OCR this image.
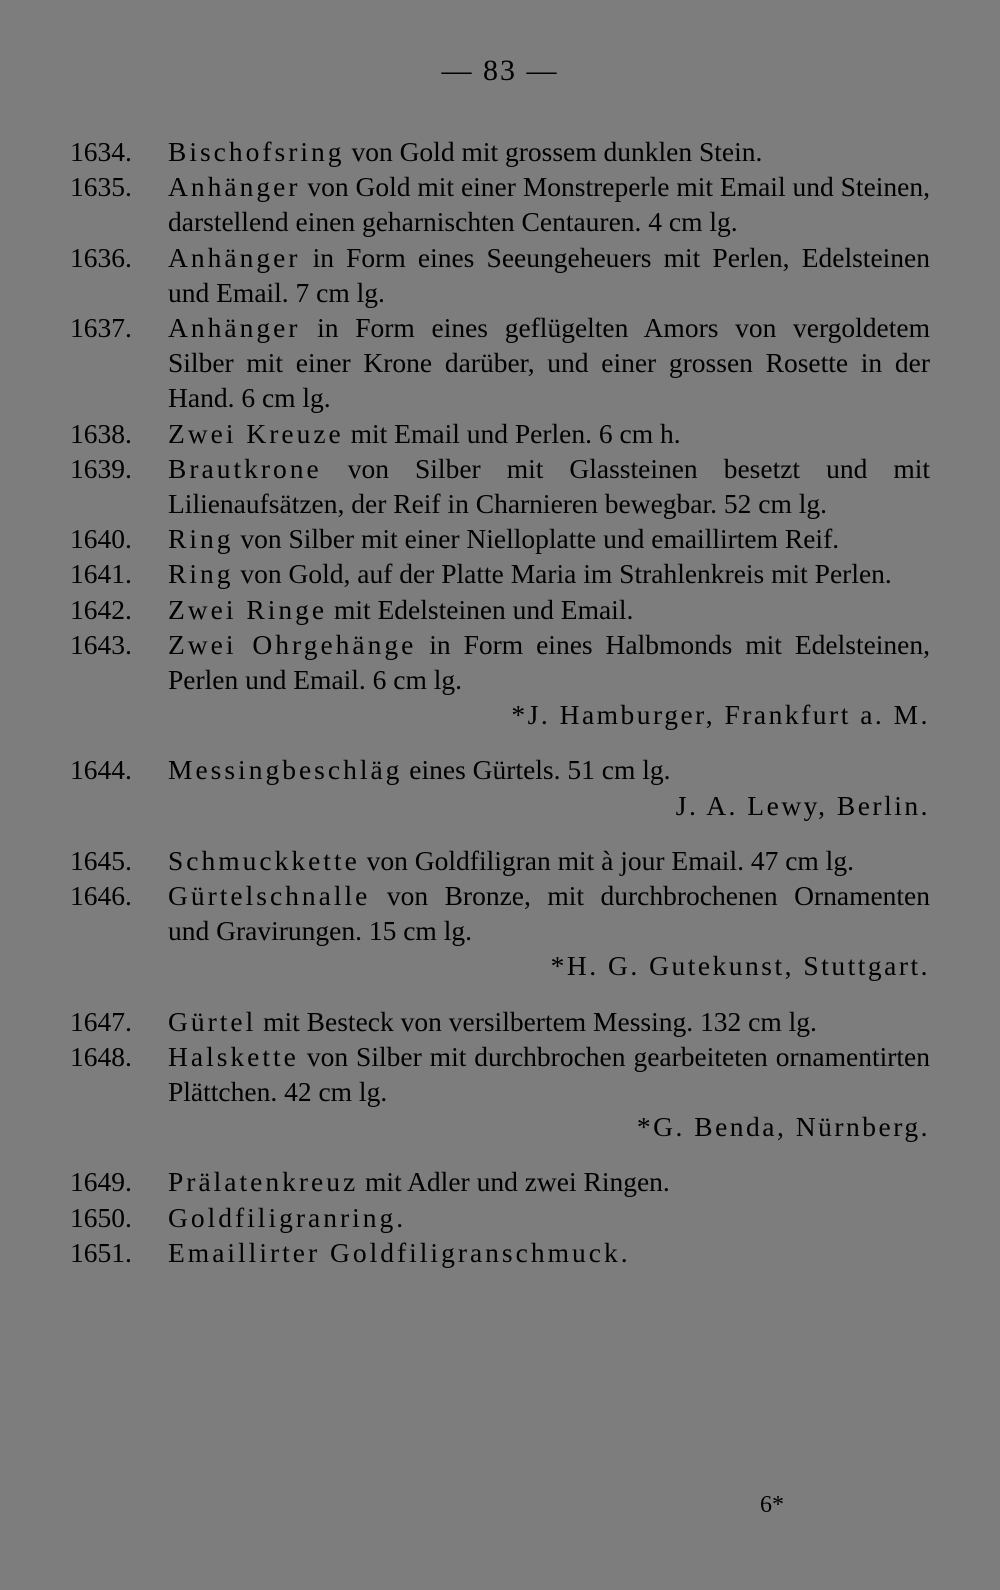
— 83 —
1634.	Bischofsring von Gold mit grossem dunklen Stein.
1635.	Anhänger von Gold mit einer Monstreperle mit Email und Steinen, darstellend einen geharnischten Centauren. 4 cm lg.
1636.	Anhänger in Form eines Seeungeheuers mit Perlen, Edelsteinen und Email. 7 cm lg.
1637.	Anhänger in Form eines geflügelten Amors von vergoldetem Silber mit einer Krone darüber, und einer grossen Rosette in der Hand. 6 cm lg.
1638.	Zwei Kreuze mit Email und Perlen. 6 cm h.
1639.	Brautkrone von Silber mit Glassteinen besetzt und mit Lilienaufsätzen, der Reif in Charnieren bewegbar. 52 cm lg.
1640.	Ring von Silber mit einer Nielloplatte und emaillirtem Reif.
1641.	Ring von Gold, auf der Platte Maria im Strahlenkreis mit Perlen.
1642.	Zwei Ringe mit Edelsteinen und Email.
1643.	Zwei Ohrgehänge in Form eines Halbmonds mit Edelsteinen, Perlen und Email. 6 cm lg.
*J. Hamburger, Frankfurt a. M.
1644.	Messingbeschläg eines Gürtels. 51 cm lg.
J. A. Lewy, Berlin.
1645.	Schmuckkette von Goldfiligran mit à jour Email. 47 cm lg.
1646.	Gürtelschnalle von Bronze, mit durchbrochenen Ornamenten und Gravirungen. 15 cm lg.
*H. G. Gutekunst, Stuttgart.
1647.	Gürtel mit Besteck von versilbertem Messing. 132 cm lg.
1648.	Halskette von Silber mit durchbrochen gearbeiteten ornamentirten Plättchen. 42 cm lg.
*G. Benda, Nürnberg.
1649.	Prälatenkreuz mit Adler und zwei Ringen.
1650.	Goldfiligranring.
1651.	Emaillirter Goldfiligranschmuck.
6*
